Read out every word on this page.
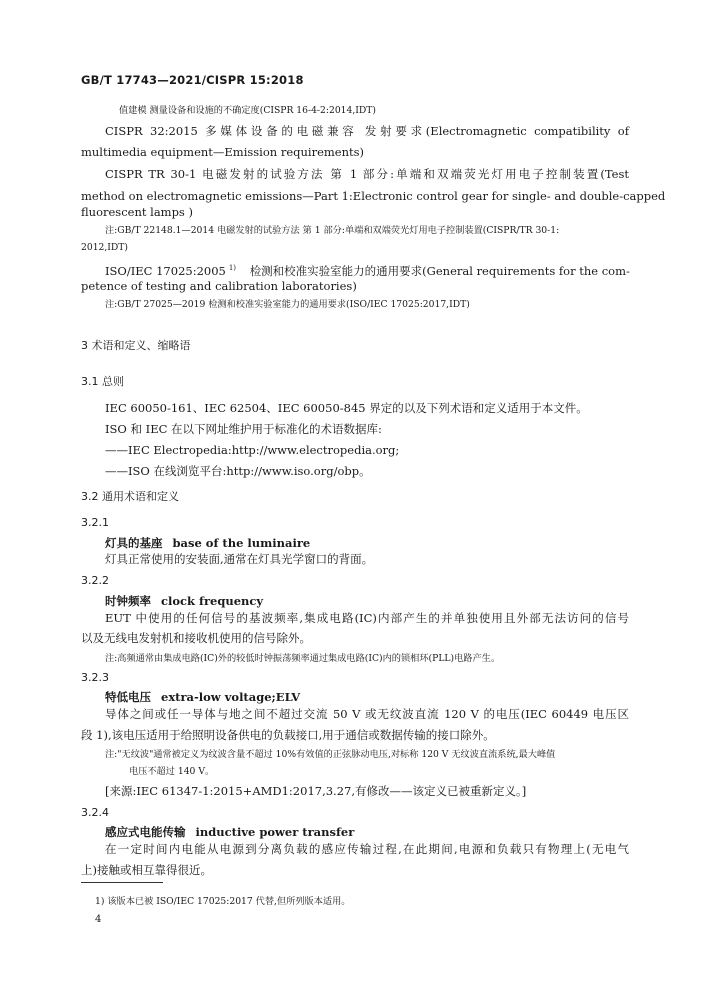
GB/T 17743—2021/CISPR 15:2018
值建模 测量设备和设施的不确定度(CISPR 16-4-2:2014,IDT)
CISPR 32:2015 多媒体设备的电磁兼容 发射要求(Electromagnetic compatibility of
multimedia equipment—Emission requirements)
CISPR TR 30-1 电磁发射的试验方法 第 1 部分:单端和双端荧光灯用电子控制装置(Test
method on electromagnetic emissions—Part 1:Electronic control gear for single- and double-capped
fluorescent lamps )
注:GB/T 22148.1—2014 电磁发射的试验方法 第 1 部分:单端和双端荧光灯用电子控制装置(CISPR/TR 30-1:
2012,IDT)
ISO/IEC 17025:2005 $^{1)}$ 检测和校准实验室能力的通用要求(General requirements for the com-
petence of testing and calibration laboratories)
注:GB/T 27025—2019 检测和校准实验室能力的通用要求(ISO/IEC 17025:2017,IDT)
3 术语和定义、缩略语
3.1 总则
IEC 60050-161、IEC 62504、IEC 60050-845 界定的以及下列术语和定义适用于本文件。
ISO 和 IEC 在以下网址维护用于标准化的术语数据库:
——IEC Electropedia:http://www.electropedia.org;
——ISO 在线浏览平台:http://www.iso.org/obp。
3.2 通用术语和定义
3.2.1
灯具的基座 base of the luminaire
灯具正常使用的安装面,通常在灯具光学窗口的背面。
3.2.2
时钟频率 clock frequency
EUT 中使用的任何信号的基波频率,集成电路(IC)内部产生的并单独使用且外部无法访问的信号
以及无线电发射机和接收机使用的信号除外。
注:高频通常由集成电路(IC)外的较低时钟振荡频率通过集成电路(IC)内的锁相环(PLL)电路产生。
3.2.3
特低电压 extra-low voltage;ELV
导体之间或任一导体与地之间不超过交流 50 V 或无纹波直流 120 V 的电压(IEC 60449 电压区
段 1),该电压适用于给照明设备供电的负载接口,用于通信或数据传输的接口除外。
注:"无纹波"通常被定义为纹波含量不超过 10%有效值的正弦脉动电压,对标称 120 V 无纹波直流系统,最大峰值
电压不超过 140 V。
[来源:IEC 61347-1:2015+AMD1:2017,3.27,有修改——该定义已被重新定义。]
3.2.4
感应式电能传输 inductive power transfer
在一定时间内电能从电源到分离负载的感应传输过程,在此期间,电源和负载只有物理上(无电气
上)接触或相互靠得很近。
1) 该版本已被 ISO/IEC 17025:2017 代替,但所列版本适用。
4
